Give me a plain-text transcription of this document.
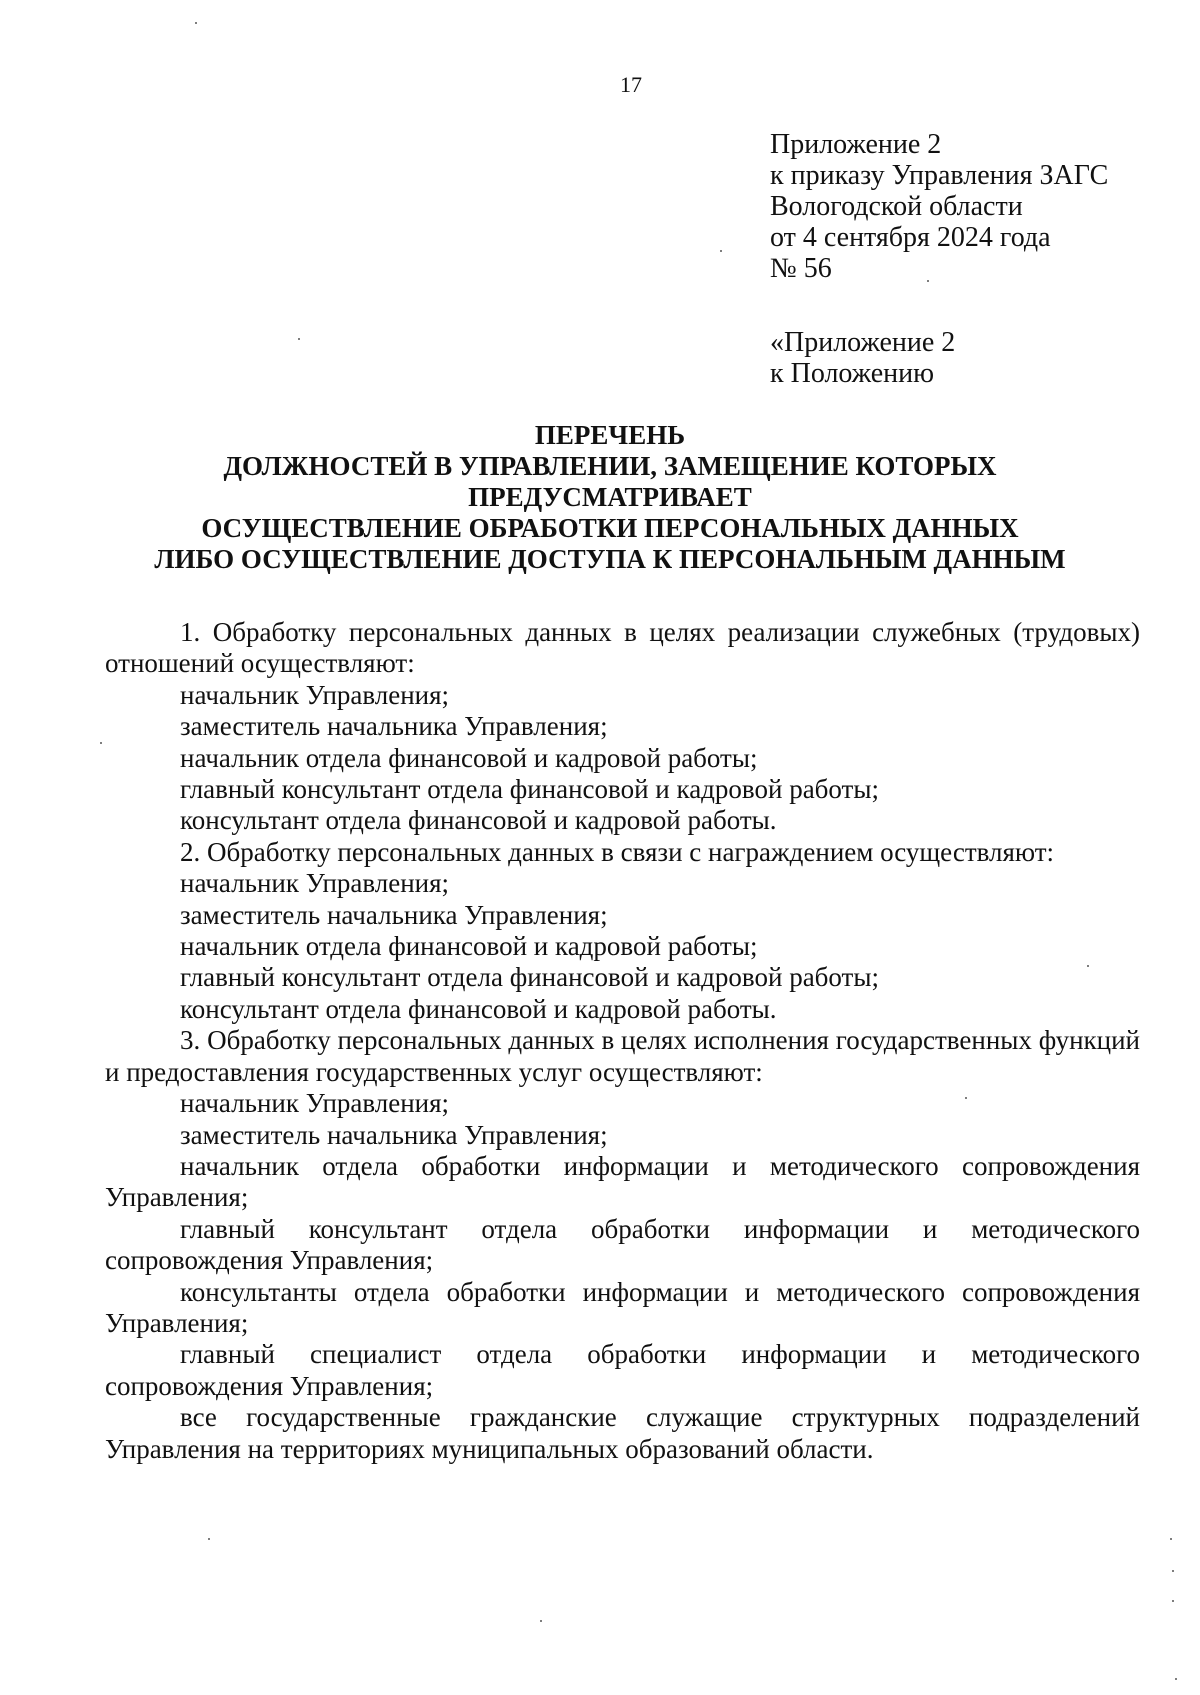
17
Приложение 2
к приказу Управления ЗАГС
Вологодской области
от 4 сентября 2024 года
№ 56
«Приложение 2
к Положению
ПЕРЕЧЕНЬ
ДОЛЖНОСТЕЙ В УПРАВЛЕНИИ, ЗАМЕЩЕНИЕ КОТОРЫХ
ПРЕДУСМАТРИВАЕТ
ОСУЩЕСТВЛЕНИЕ ОБРАБОТКИ ПЕРСОНАЛЬНЫХ ДАННЫХ
ЛИБО ОСУЩЕСТВЛЕНИЕ ДОСТУПА К ПЕРСОНАЛЬНЫМ ДАННЫМ
1. Обработку персональных данных в целях реализации служебных (трудовых) отношений осуществляют:
начальник Управления;
заместитель начальника Управления;
начальник отдела финансовой и кадровой работы;
главный консультант отдела финансовой и кадровой работы;
консультант отдела финансовой и кадровой работы.
2. Обработку персональных данных в связи с награждением осуществляют:
начальник Управления;
заместитель начальника Управления;
начальник отдела финансовой и кадровой работы;
главный консультант отдела финансовой и кадровой работы;
консультант отдела финансовой и кадровой работы.
3. Обработку персональных данных в целях исполнения государственных функций и предоставления государственных услуг осуществляют:
начальник Управления;
заместитель начальника Управления;
начальник отдела обработки информации и методического сопровождения Управления;
главный консультант отдела обработки информации и методического сопровождения Управления;
консультанты отдела обработки информации и методического сопровождения Управления;
главный специалист отдела обработки информации и методического сопровождения Управления;
все государственные гражданские служащие структурных подразделений Управления на территориях муниципальных образований области.
